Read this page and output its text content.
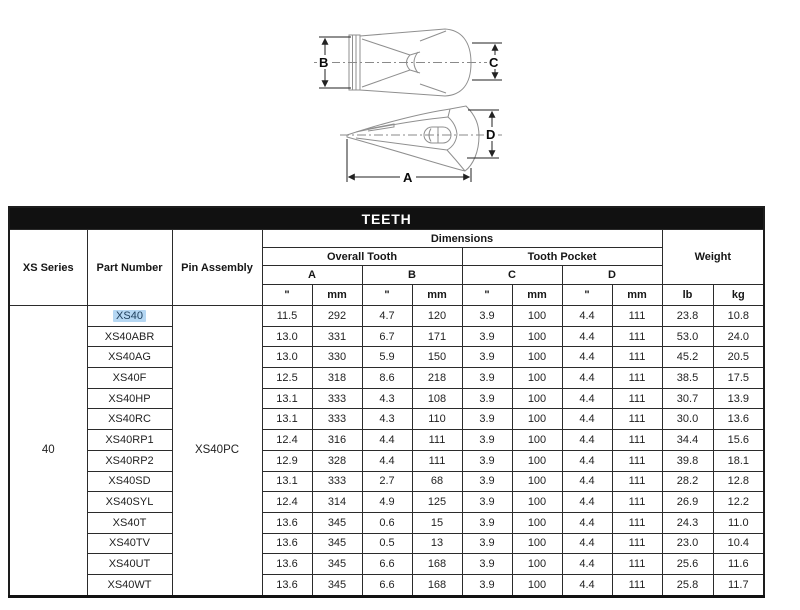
B	C
D
A
TEETH												
XS Series	Part Number	Pin Assembly	Dimensions								Weight	
			Overall Tooth				Tooth Pocket					
			A		B		C		D			
			"	mm	"	mm	"	mm	"	mm	lb	kg
40	XS40	XS40PC	11.5	292	4.7	120	3.9	100	4.4	111	23.8	10.8
	XS40ABR		13.0	331	6.7	171	3.9	100	4.4	111	53.0	24.0
	XS40AG		13.0	330	5.9	150	3.9	100	4.4	111	45.2	20.5
	XS40F		12.5	318	8.6	218	3.9	100	4.4	111	38.5	17.5
	XS40HP		13.1	333	4.3	108	3.9	100	4.4	111	30.7	13.9
	XS40RC		13.1	333	4.3	110	3.9	100	4.4	111	30.0	13.6
	XS40RP1		12.4	316	4.4	111	3.9	100	4.4	111	34.4	15.6
	XS40RP2		12.9	328	4.4	111	3.9	100	4.4	111	39.8	18.1
	XS40SD		13.1	333	2.7	68	3.9	100	4.4	111	28.2	12.8
	XS40SYL		12.4	314	4.9	125	3.9	100	4.4	111	26.9	12.2
	XS40T		13.6	345	0.6	15	3.9	100	4.4	111	24.3	11.0
	XS40TV		13.6	345	0.5	13	3.9	100	4.4	111	23.0	10.4
	XS40UT		13.6	345	6.6	168	3.9	100	4.4	111	25.6	11.6
	XS40WT		13.6	345	6.6	168	3.9	100	4.4	111	25.8	11.7
